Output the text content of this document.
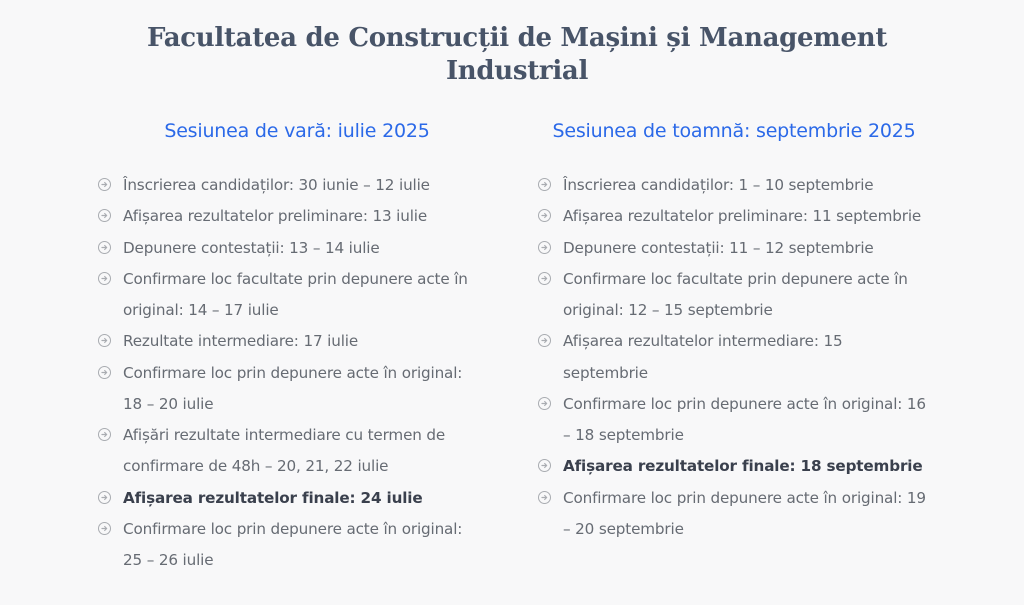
Facultatea de Construcții de Mașini și Management Industrial
Sesiunea de vară: iulie 2025
Înscrierea candidaților: 30 iunie – 12 iulie
Afișarea rezultatelor preliminare: 13 iulie
Depunere contestații: 13 – 14 iulie
Confirmare loc facultate prin depunere acte în original: 14 – 17 iulie
Rezultate intermediare: 17 iulie
Confirmare loc prin depunere acte în original: 18 – 20 iulie
Afișări rezultate intermediare cu termen de confirmare de 48h – 20, 21, 22 iulie
Afișarea rezultatelor finale: 24 iulie
Confirmare loc prin depunere acte în original: 25 – 26 iulie
Sesiunea de toamnă: septembrie 2025
Înscrierea candidaților: 1 – 10 septembrie
Afișarea rezultatelor preliminare: 11 septembrie
Depunere contestații: 11 – 12 septembrie
Confirmare loc facultate prin depunere acte în original: 12 – 15 septembrie
Afișarea rezultatelor intermediare: 15 septembrie
Confirmare loc prin depunere acte în original: 16 – 18 septembrie
Afișarea rezultatelor finale: 18 septembrie
Confirmare loc prin depunere acte în original: 19 – 20 septembrie
